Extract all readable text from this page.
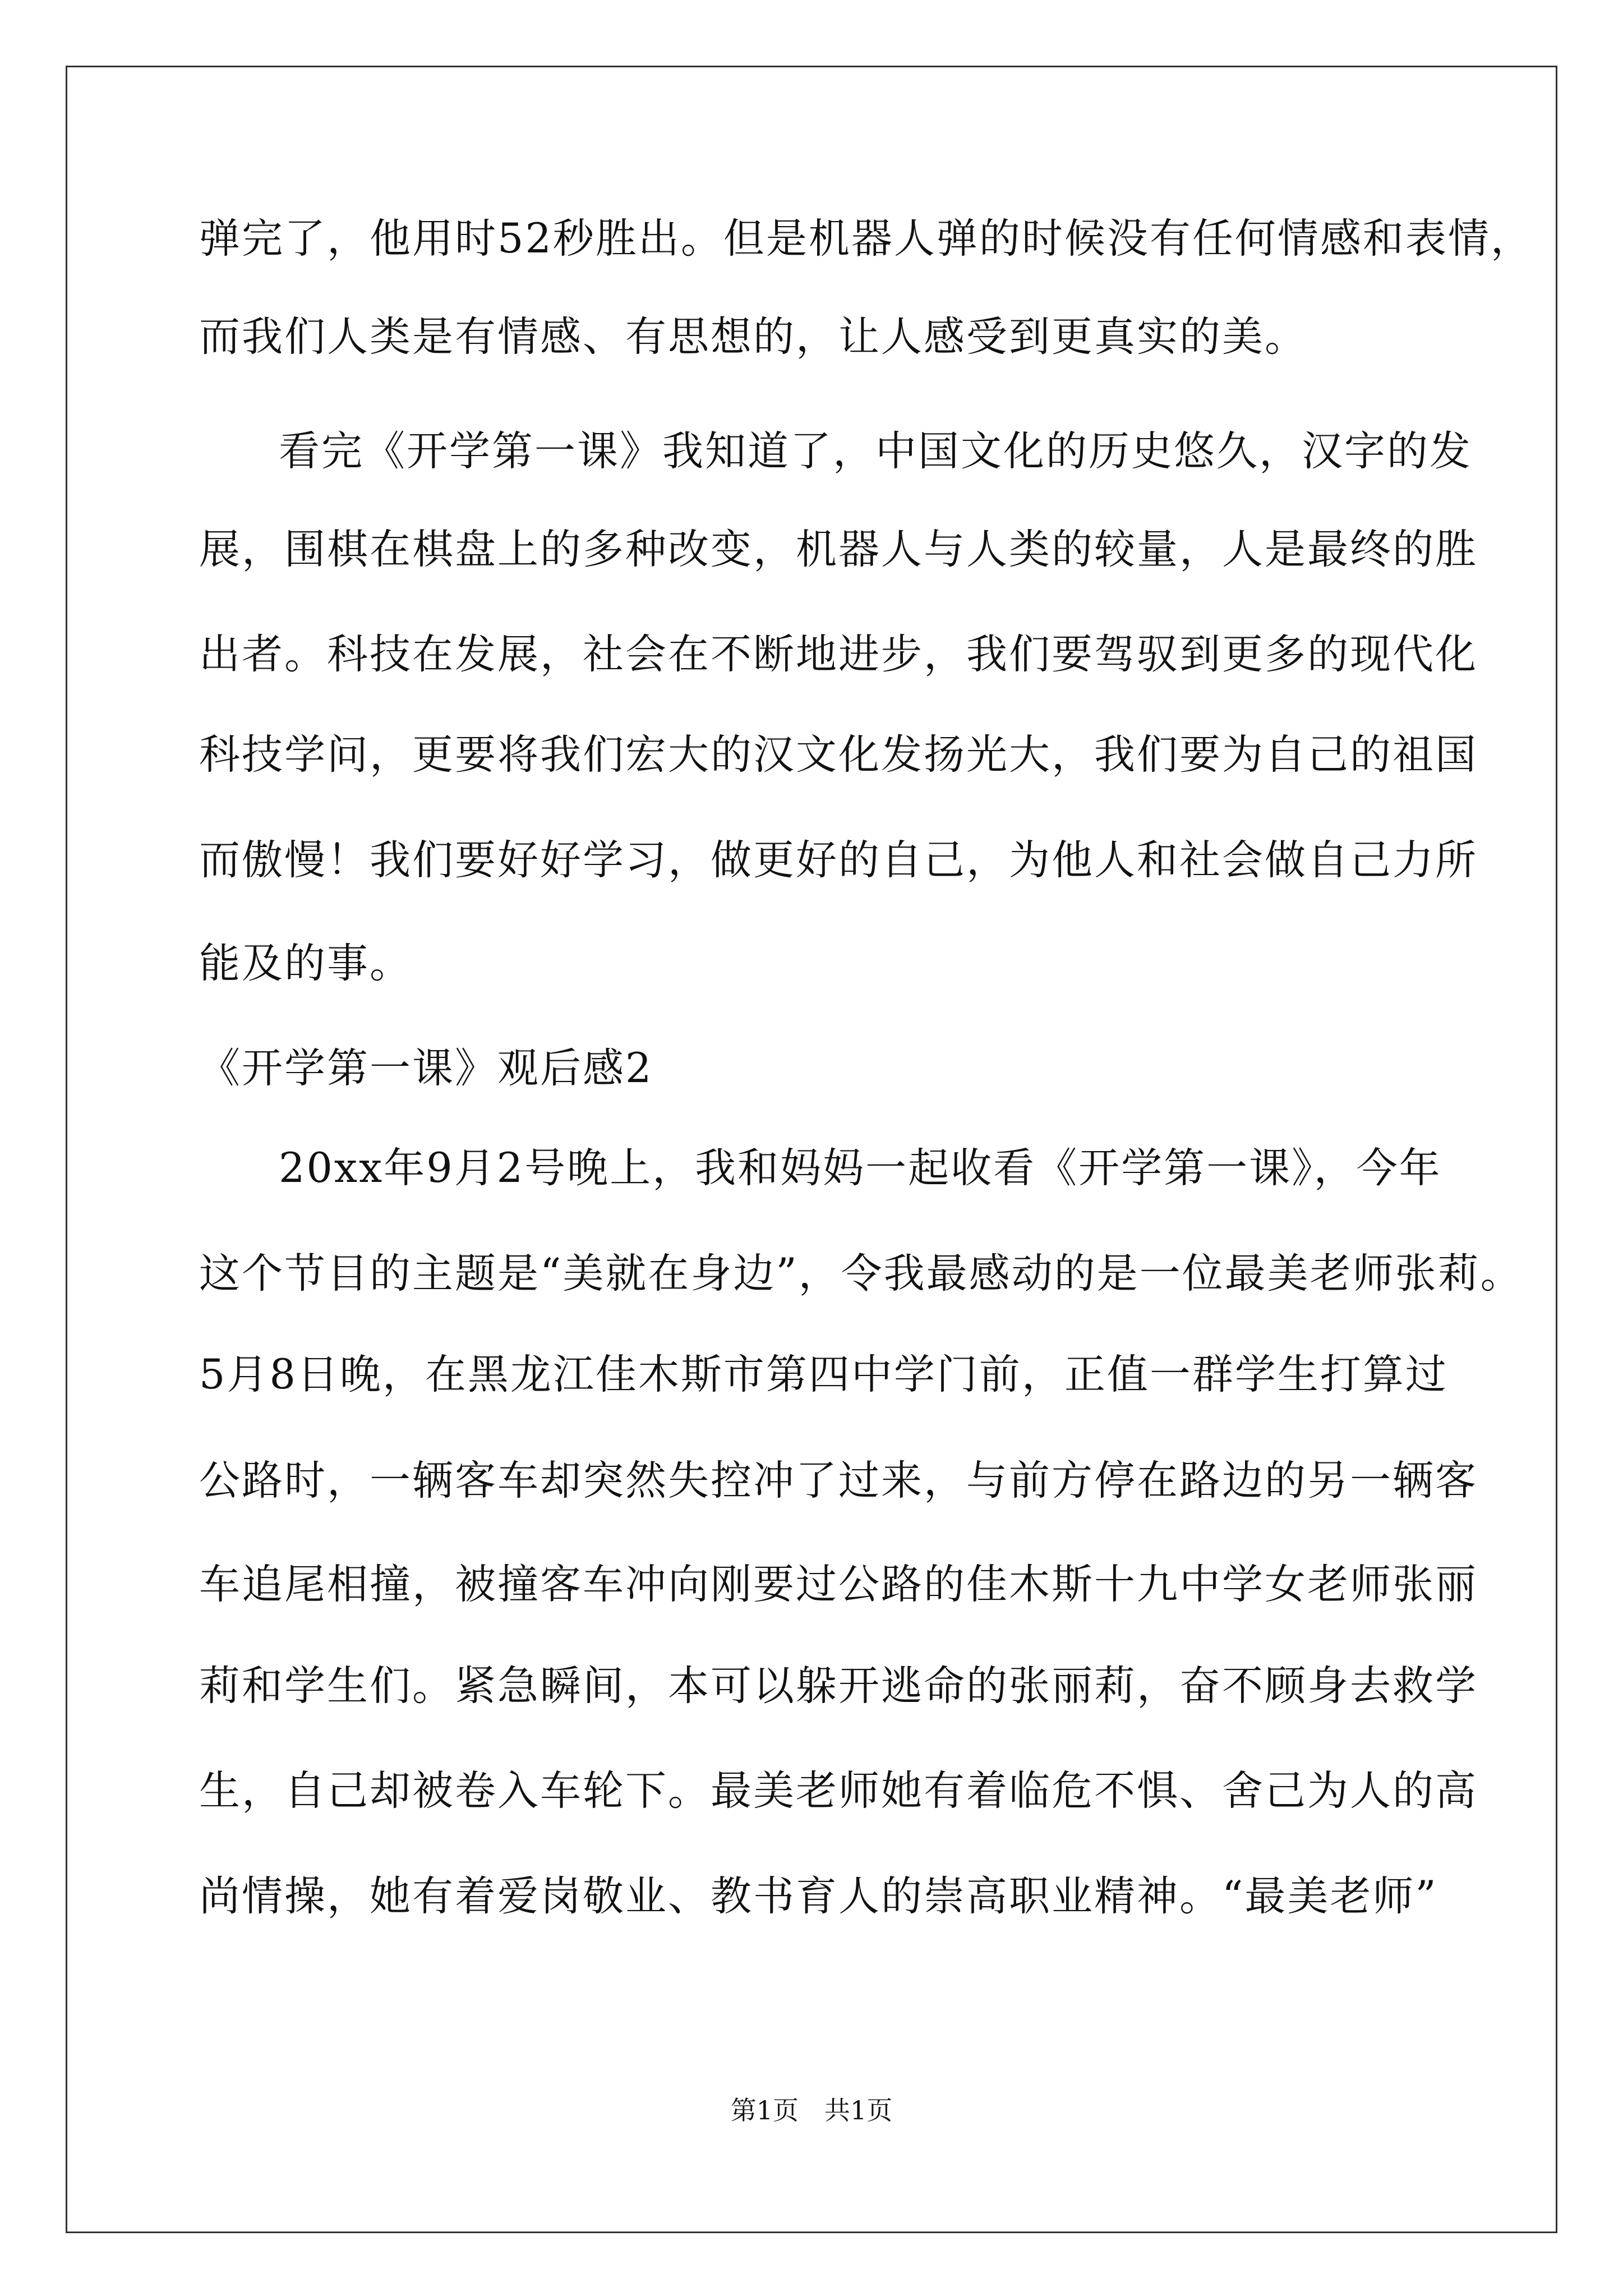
弹完了，他用时52秒胜出。但是机器人弹的时候没有任何情感和表情，
而我们人类是有情感、有思想的，让人感受到更真实的美。
看完《开学第一课》我知道了，中国文化的历史悠久，汉字的发
展，围棋在棋盘上的多种改变，机器人与人类的较量，人是最终的胜
出者。科技在发展，社会在不断地进步，我们要驾驭到更多的现代化
科技学问，更要将我们宏大的汉文化发扬光大，我们要为自己的祖国
而傲慢！我们要好好学习，做更好的自己，为他人和社会做自己力所
能及的事。
《开学第一课》观后感2
20xx年9月2号晚上，我和妈妈一起收看《开学第一课》，今年
这个节目的主题是“美就在身边”，令我最感动的是一位最美老师张莉。
5月8日晚，在黑龙江佳木斯市第四中学门前，正值一群学生打算过
公路时，一辆客车却突然失控冲了过来，与前方停在路边的另一辆客
车追尾相撞，被撞客车冲向刚要过公路的佳木斯十九中学女老师张丽
莉和学生们。紧急瞬间，本可以躲开逃命的张丽莉，奋不顾身去救学
生，自己却被卷入车轮下。最美老师她有着临危不惧、舍己为人的高
尚情操，她有着爱岗敬业、教书育人的崇高职业精神。“最美老师”
第1页　共1页
